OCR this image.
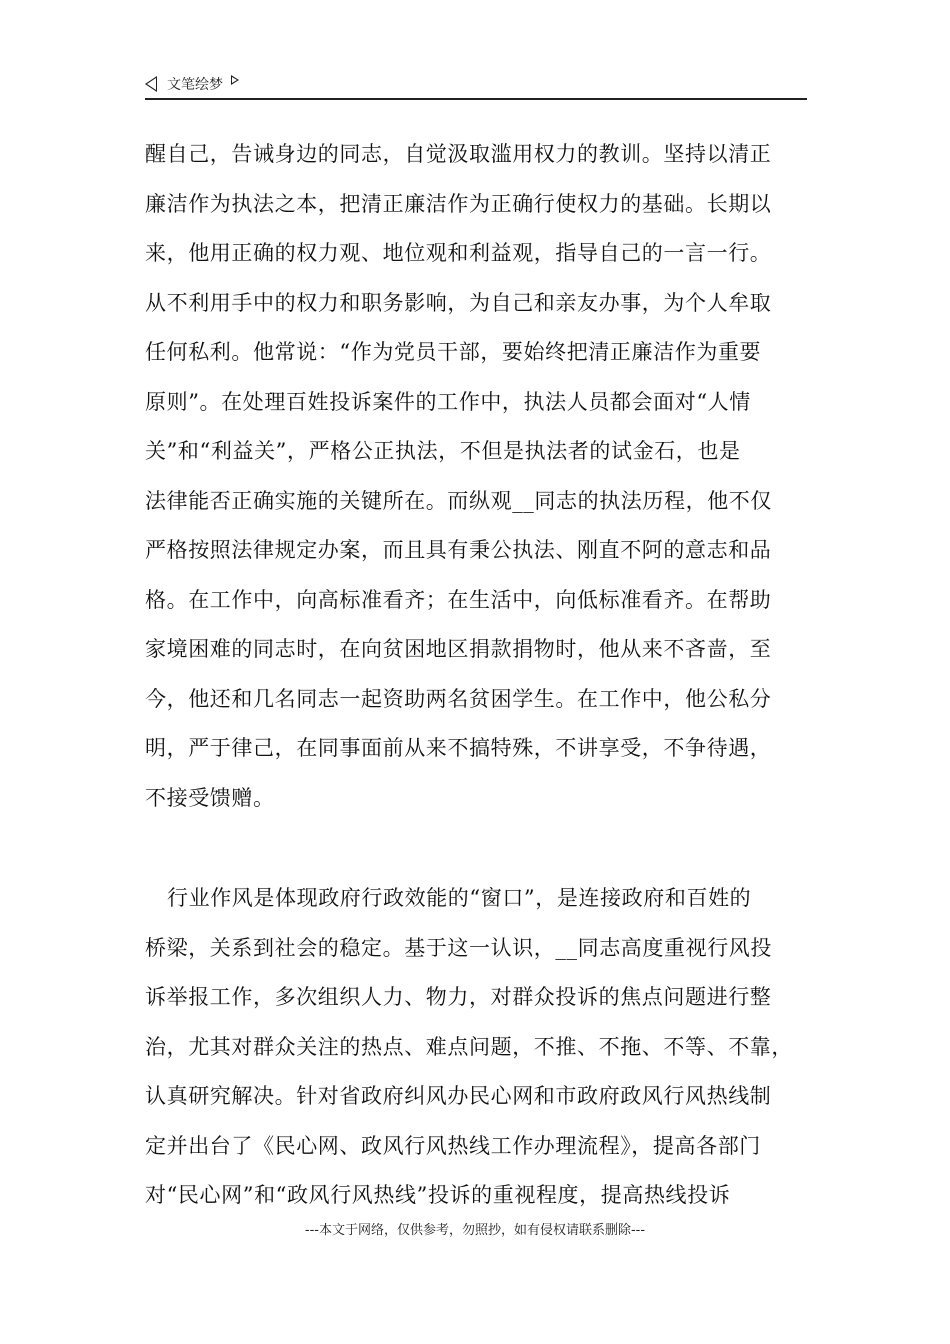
文笔绘梦

醒自己，告诫身边的同志，自觉汲取滥用权力的教训。坚持以清正
廉洁作为执法之本，把清正廉洁作为正确行使权力的基础。长期以
来，他用正确的权力观、地位观和利益观，指导自己的一言一行。
从不利用手中的权力和职务影响，为自己和亲友办事，为个人牟取
任何私利。他常说：“作为党员干部，要始终把清正廉洁作为重要
原则”。在处理百姓投诉案件的工作中，执法人员都会面对“人情
关”和“利益关”，严格公正执法，不但是执法者的试金石，也是
法律能否正确实施的关键所在。而纵观__同志的执法历程，他不仅
严格按照法律规定办案，而且具有秉公执法、刚直不阿的意志和品
格。在工作中，向高标准看齐；在生活中，向低标准看齐。在帮助
家境困难的同志时，在向贫困地区捐款捐物时，他从来不吝啬，至
今，他还和几名同志一起资助两名贫困学生。在工作中，他公私分
明，严于律己，在同事面前从来不搞特殊，不讲享受，不争待遇，
不接受馈赠。

行业作风是体现政府行政效能的“窗口”，是连接政府和百姓的
桥梁，关系到社会的稳定。基于这一认识，__同志高度重视行风投
诉举报工作，多次组织人力、物力，对群众投诉的焦点问题进行整
治，尤其对群众关注的热点、难点问题，不推、不拖、不等、不靠，
认真研究解决。针对省政府纠风办民心网和市政府政风行风热线制
定并出台了《民心网、政风行风热线工作办理流程》，提高各部门
对“民心网”和“政风行风热线”投诉的重视程度，提高热线投诉

---本文于网络，仅供参考，勿照抄，如有侵权请联系删除---
